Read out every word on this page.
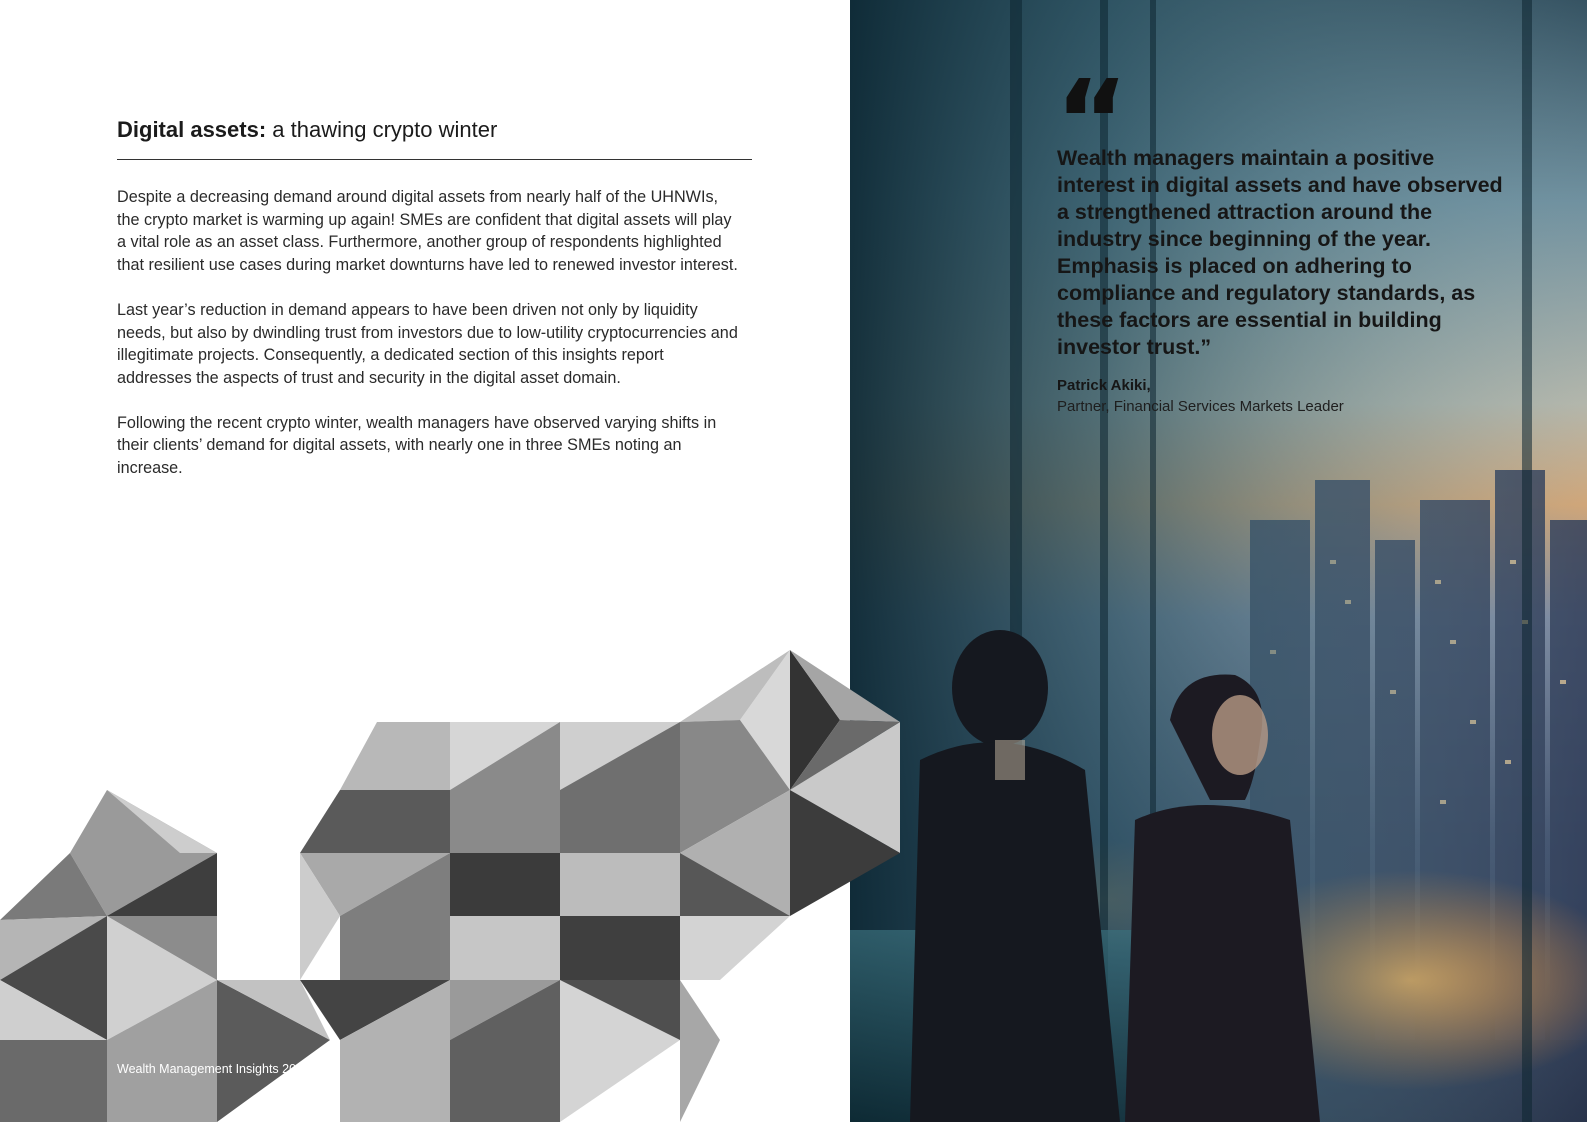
Digital assets: a thawing crypto winter

Despite a decreasing demand around digital assets from nearly half of the UHNWIs, the crypto market is warming up again! SMEs are confident that digital assets will play a vital role as an asset class. Furthermore, another group of respondents highlighted that resilient use cases during market downturns have led to renewed investor interest.

Last year’s reduction in demand appears to have been driven not only by liquidity needs, but also by dwindling trust from investors due to low-utility cryptocurrencies and illegitimate projects. Consequently, a dedicated section of this insights report addresses the aspects of trust and security in the digital asset domain.

Following the recent crypto winter, wealth managers have observed varying shifts in their clients’ demand for digital assets, with nearly one in three SMEs noting an increase.

Wealth Management Insights 2023 5
“
Wealth managers maintain a positive interest in digital assets and have observed a strengthened attraction around the industry since beginning of the year. Emphasis is placed on adhering to compliance and regulatory standards, as these factors are essential in building investor trust.”
Patrick Akiki,
Partner, Financial Services Markets Leader
